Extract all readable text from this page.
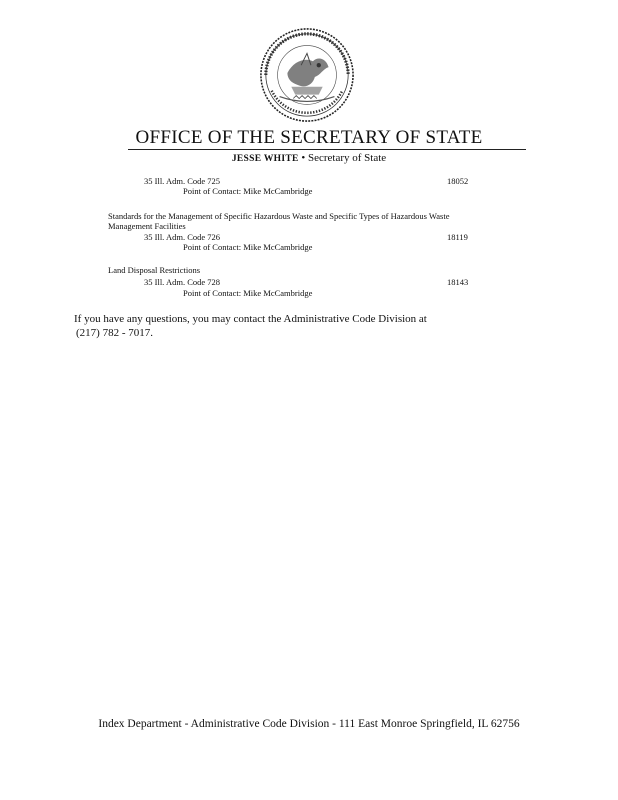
OFFICE OF THE SECRETARY OF STATE
JESSE WHITE • Secretary of State
35 Ill. Adm. Code 725	18052
Point of Contact: Mike McCambridge
Standards for the Management of Specific Hazardous Waste and Specific Types of Hazardous Waste
Management Facilities
35 Ill. Adm. Code 726	18119
Point of Contact: Mike McCambridge
Land Disposal Restrictions
35 Ill. Adm. Code 728	18143
Point of Contact: Mike McCambridge
If you have any questions, you may contact the Administrative Code Division at
(217) 782 - 7017.
Index Department - Administrative Code Division - 111 East Monroe Springfield, IL 62756
